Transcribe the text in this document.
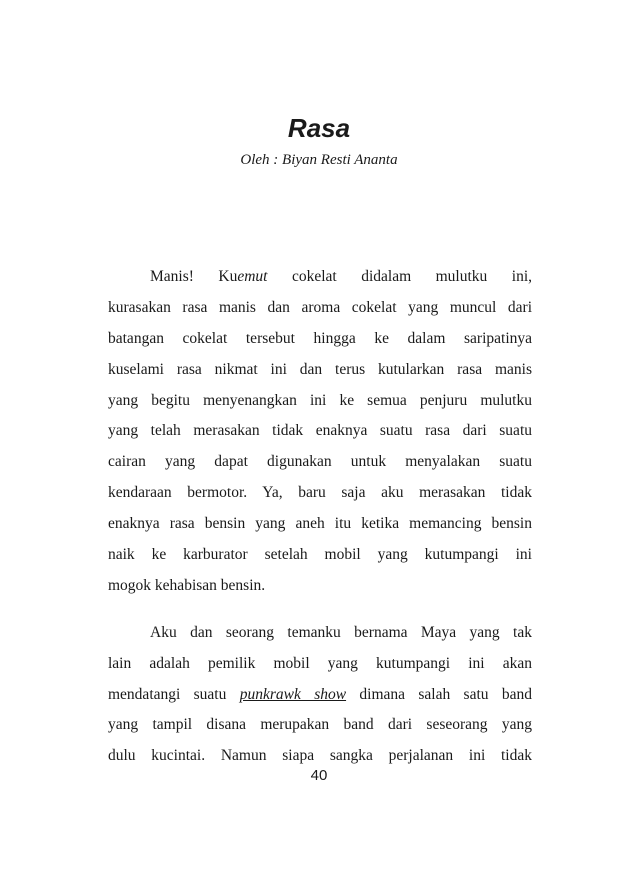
Rasa

Oleh : Biyan Resti Ananta

Manis! Kuemut cokelat didalam mulutku ini,
kurasakan rasa manis dan aroma cokelat yang muncul dari
batangan cokelat tersebut hingga ke dalam saripatinya
kuselami rasa nikmat ini dan terus kutularkan rasa manis
yang begitu menyenangkan ini ke semua penjuru mulutku
yang telah merasakan tidak enaknya suatu rasa dari suatu
cairan yang dapat digunakan untuk menyalakan suatu
kendaraan bermotor. Ya, baru saja aku merasakan tidak
enaknya rasa bensin yang aneh itu ketika memancing bensin
naik ke karburator setelah mobil yang kutumpangi ini
mogok kehabisan bensin.
Aku dan seorang temanku bernama Maya yang tak
lain adalah pemilik mobil yang kutumpangi ini akan
mendatangi suatu punkrawk show dimana salah satu band
yang tampil disana merupakan band dari seseorang yang
dulu kucintai. Namun siapa sangka perjalanan ini tidak

40
